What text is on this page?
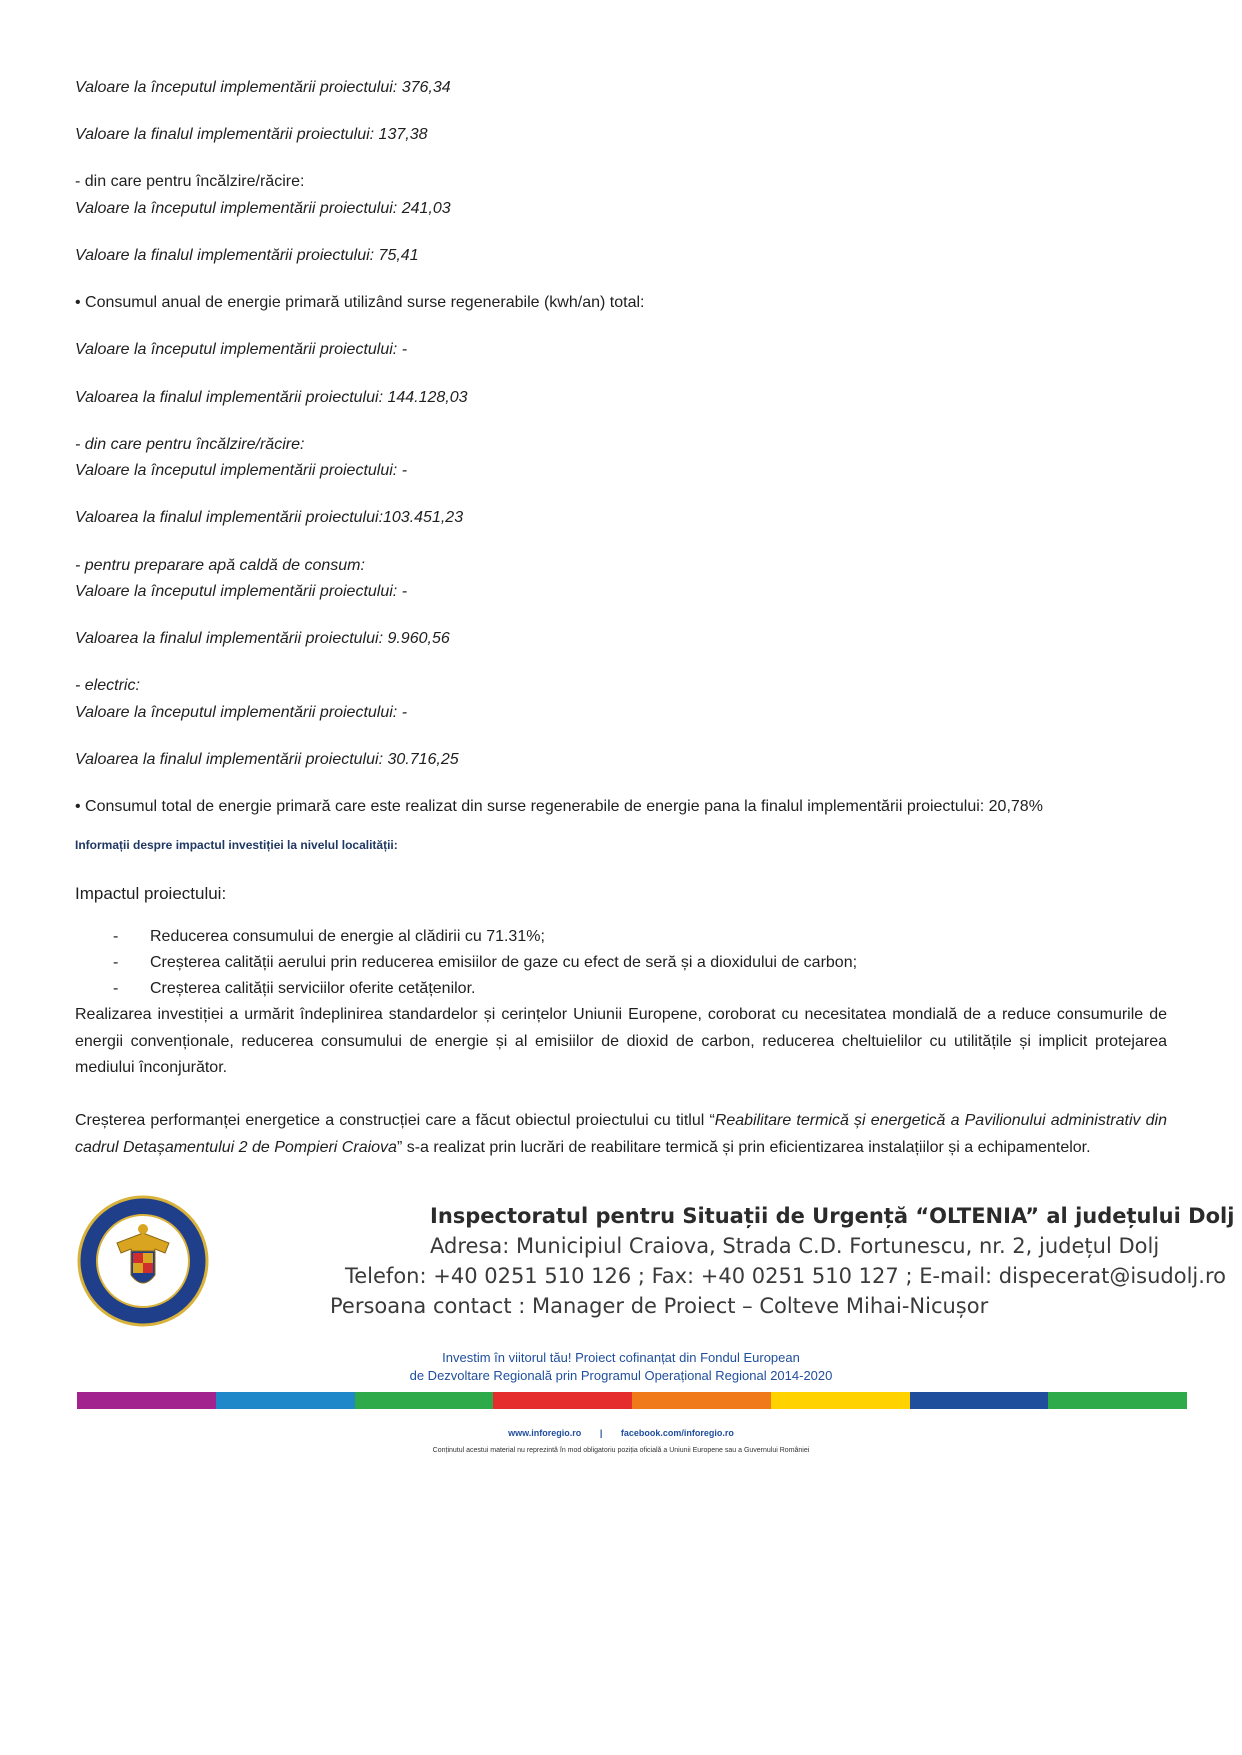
Valoare la începutul implementării proiectului: 376,34
Valoare la finalul implementării proiectului: 137,38
- din care pentru încălzire/răcire:
Valoare la începutul implementării proiectului: 241,03
Valoare la finalul implementării proiectului: 75,41
• Consumul anual de energie primară utilizând surse regenerabile (kwh/an) total:
Valoare la începutul implementării proiectului: -
Valoarea la finalul implementării proiectului: 144.128,03
- din care pentru încălzire/răcire:
Valoare la începutul implementării proiectului: -
Valoarea la finalul implementării proiectului:103.451,23
- pentru preparare apă caldă de consum:
Valoare la începutul implementării proiectului: -
Valoarea la finalul implementării proiectului: 9.960,56
- electric:
Valoare la începutul implementării proiectului: -
Valoarea la finalul implementării proiectului: 30.716,25
• Consumul total de energie primară care este realizat din surse regenerabile de energie pana la finalul implementării proiectului: 20,78%
Informații despre impactul investiției la nivelul localității:
Impactul proiectului:
- Reducerea consumului de energie al clădirii cu 71.31%;
- Creșterea calității aerului prin reducerea emisiilor de gaze cu efect de seră și a dioxidului de carbon;
- Creșterea calității serviciilor oferite cetățenilor.
Realizarea investiției a urmărit îndeplinirea standardelor și cerințelor Uniunii Europene, coroborat cu necesitatea mondială de a reduce consumurile de energii convenționale, reducerea consumului de energie și al emisiilor de dioxid de carbon, reducerea cheltuielilor cu utilitățile și implicit protejarea mediului înconjurător.
Creșterea performanței energetice a construcției care a făcut obiectul proiectului cu titlul “Reabilitare termică și energetică a Pavilionului administrativ din cadrul Detașamentului 2 de Pompieri Craiova” s-a realizat prin lucrări de reabilitare termică și prin eficientizarea instalațiilor și a echipamentelor.
Inspectoratul pentru Situații de Urgență “OLTENIA” al județului Dolj
Adresa: Municipiul Craiova, Strada C.D. Fortunescu, nr. 2, județul Dolj
Telefon: +40 0251 510 126 ; Fax: +40 0251 510 127 ; E-mail: dispecerat@isudolj.ro
Persoana contact : Manager de Proiect – Colteve Mihai-Nicușor
Investim în viitorul tău! Proiect cofinanțat din Fondul European
de Dezvoltare Regională prin Programul Operațional Regional 2014-2020
www.inforegio.ro | facebook.com/inforegio.ro
Conținutul acestui material nu reprezintă în mod obligatoriu poziția oficială a Uniunii Europene sau a Guvernului României
